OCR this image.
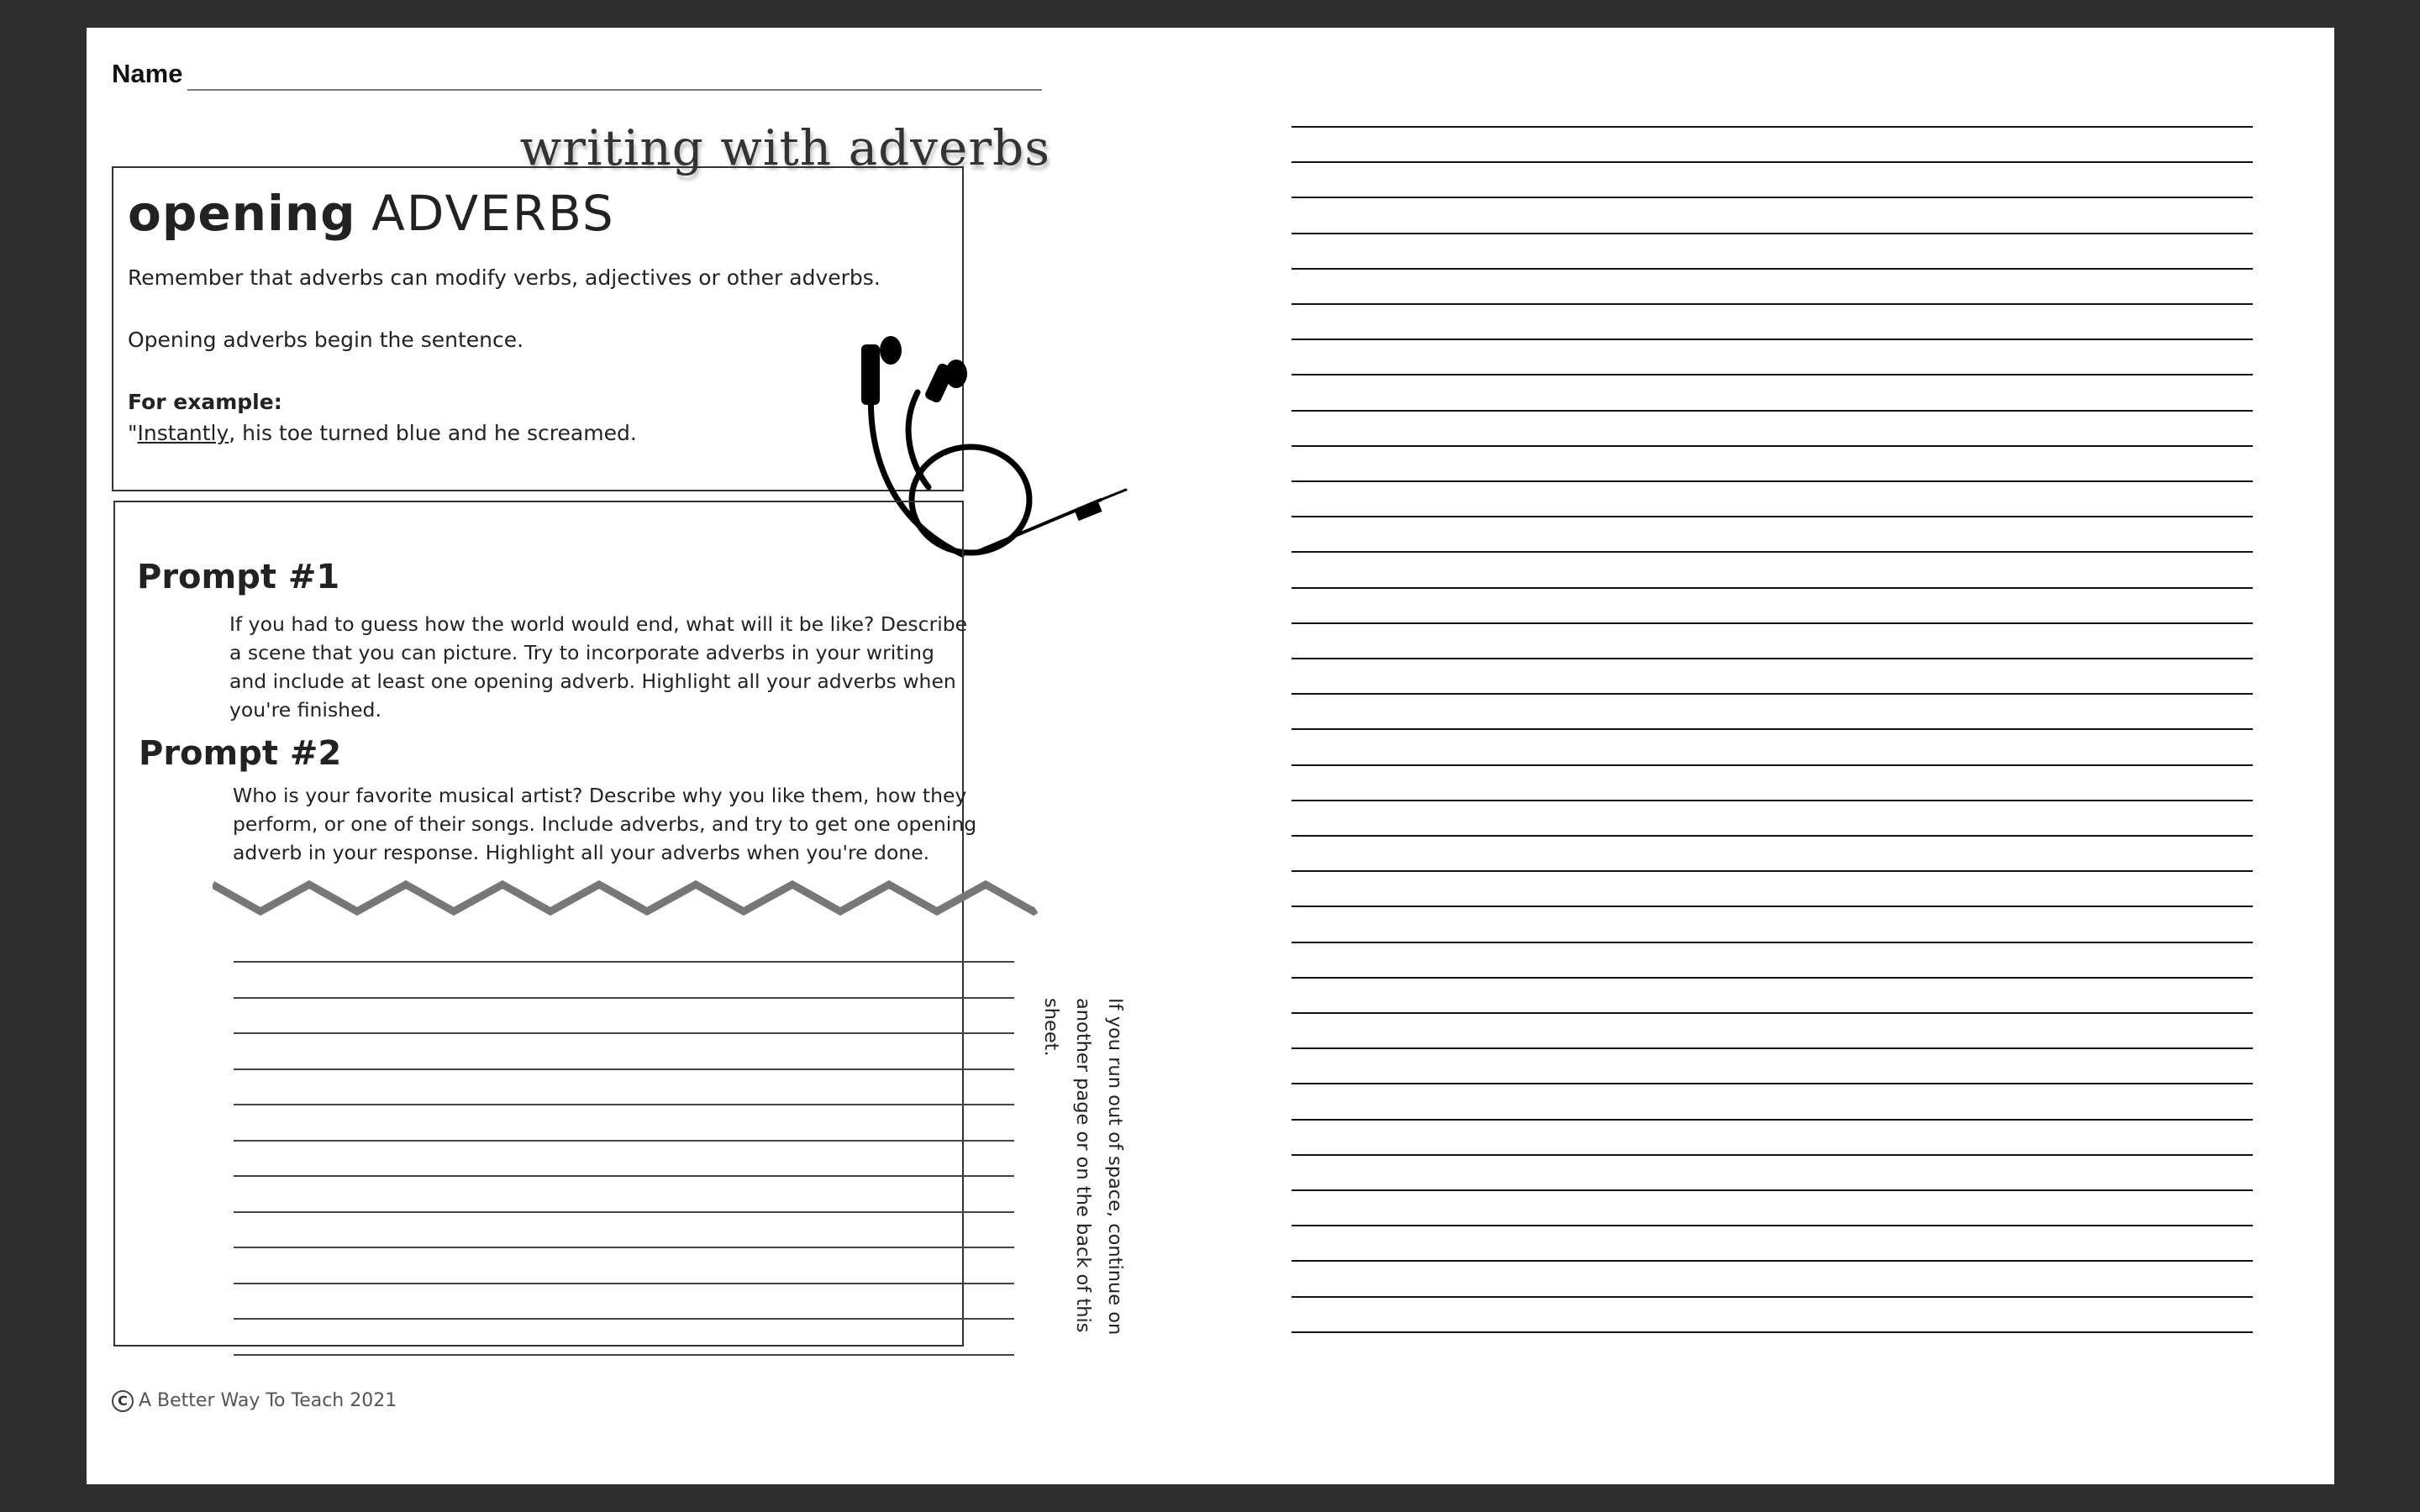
Name
writing with adverbs
opening ADVERBS
Remember that adverbs can modify verbs, adjectives or other adverbs.
Opening adverbs begin the sentence.
For example:
"Instantly, his toe turned blue and he screamed.
Prompt #1
Prompt #2
If you had to guess how the world would end, what will it be like? Describe a scene that you can picture. Try to incorporate adverbs in your writing and include at least one opening adverb. Highlight all your adverbs when you're finished.
Who is your favorite musical artist? Describe why you like them, how they perform, or one of their songs. Include adverbs, and try to get one opening adverb in your response. Highlight all your adverbs when you're done.
If you run out of space, continue on another page or on the back of this sheet.
C A Better Way To Teach 2021
